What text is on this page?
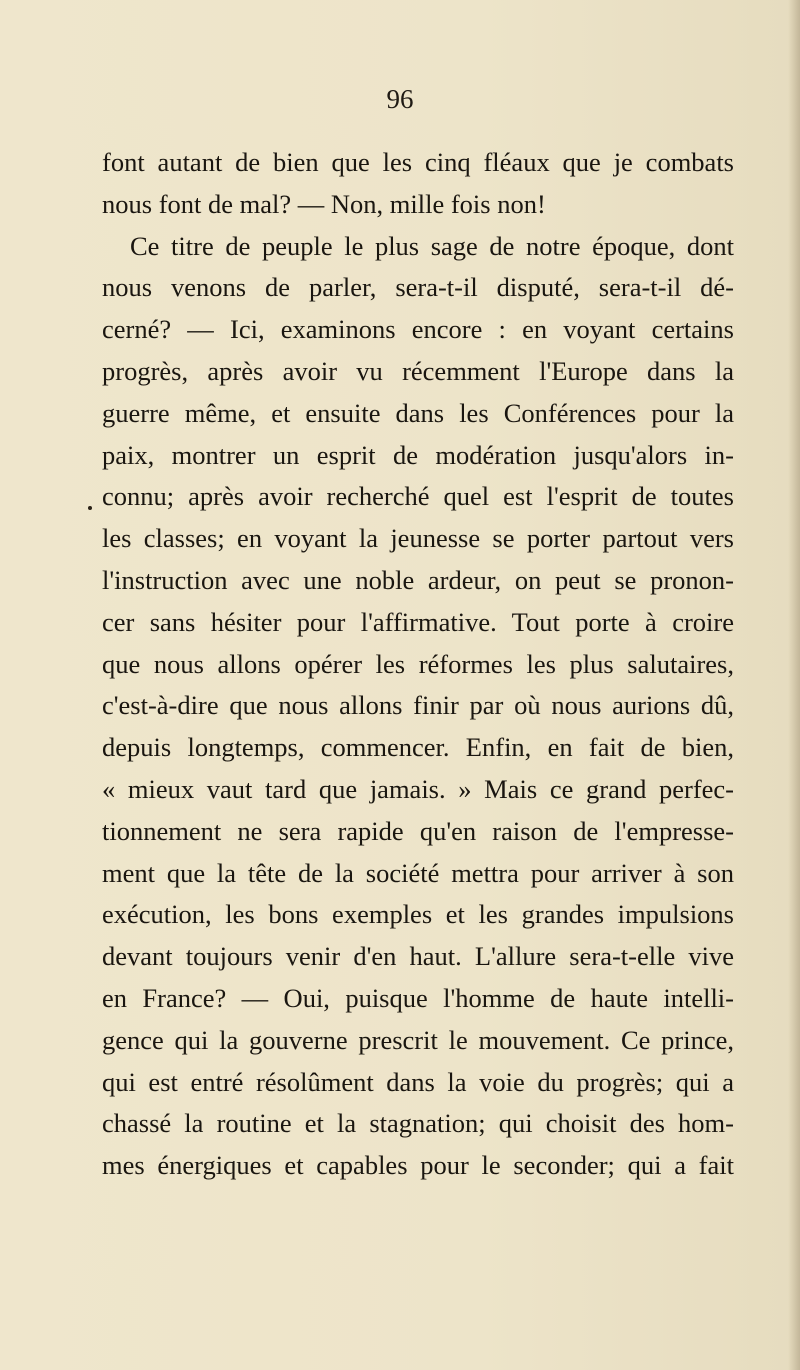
96
font autant de bien que les cinq fléaux que je combats
nous font de mal? — Non, mille fois non!
Ce titre de peuple le plus sage de notre époque, dont
nous venons de parler, sera-t-il disputé, sera-t-il dé-
cerné? — Ici, examinons encore : en voyant certains
progrès, après avoir vu récemment l'Europe dans la
guerre même, et ensuite dans les Conférences pour la
paix, montrer un esprit de modération jusqu'alors in-
connu; après avoir recherché quel est l'esprit de toutes
les classes; en voyant la jeunesse se porter partout vers
l'instruction avec une noble ardeur, on peut se pronon-
cer sans hésiter pour l'affirmative. Tout porte à croire
que nous allons opérer les réformes les plus salutaires,
c'est-à-dire que nous allons finir par où nous aurions dû,
depuis longtemps, commencer. Enfin, en fait de bien,
« mieux vaut tard que jamais. » Mais ce grand perfec-
tionnement ne sera rapide qu'en raison de l'empresse-
ment que la tête de la société mettra pour arriver à son
exécution, les bons exemples et les grandes impulsions
devant toujours venir d'en haut. L'allure sera-t-elle vive
en France? — Oui, puisque l'homme de haute intelli-
gence qui la gouverne prescrit le mouvement. Ce prince,
qui est entré résolûment dans la voie du progrès; qui a
chassé la routine et la stagnation; qui choisit des hom-
mes énergiques et capables pour le seconder; qui a fait
